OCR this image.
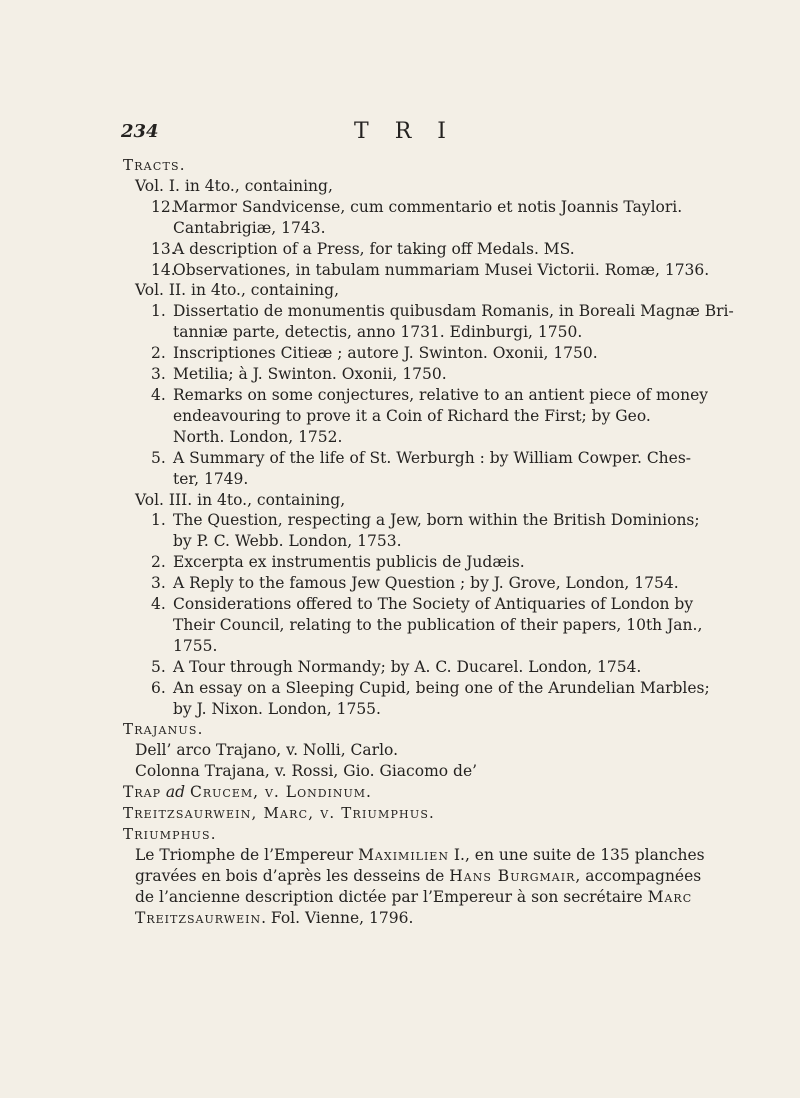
234	TRI
Tracts.
Vol. I. in 4to., containing,
12.Marmor Sandvicense, cum commentario et notis Joannis Taylori.
Cantabrigiæ, 1743.
13.A description of a Press, for taking off Medals. MS.
14.Observationes, in tabulam nummariam Musei Victorii. Romæ, 1736.
Vol. II. in 4to., containing,
1. Dissertatio de monumentis quibusdam Romanis, in Boreali Magnæ Bri-
tanniæ parte, detectis, anno 1731. Edinburgi, 1750.
2. Inscriptiones Citieæ ; autore J. Swinton. Oxonii, 1750.
3. Metilia; à J. Swinton. Oxonii, 1750.
4. Remarks on some conjectures, relative to an antient piece of money
endeavouring to prove it a Coin of Richard the First; by Geo.
North. London, 1752.
5. A Summary of the life of St. Werburgh : by William Cowper. Ches-
ter, 1749.
Vol. III. in 4to., containing,
1. The Question, respecting a Jew, born within the British Dominions;
by P. C. Webb. London, 1753.
2. Excerpta ex instrumentis publicis de Judæis.
3. A Reply to the famous Jew Question ; by J. Grove, London, 1754.
4. Considerations offered to The Society of Antiquaries of London by
Their Council, relating to the publication of their papers, 10th Jan.,
1755.
5. A Tour through Normandy; by A. C. Ducarel. London, 1754.
6. An essay on a Sleeping Cupid, being one of the Arundelian Marbles;
by J. Nixon. London, 1755.
Trajanus.
Dell’ arco Trajano, v. Nolli, Carlo.
Colonna Trajana, v. Rossi, Gio. Giacomo de’
Trap ad Crucem, v. Londinum.
Treitzsaurwein, Marc, v. Triumphus.
Triumphus.
Le Triomphe de l’Empereur Maximilien I., en une suite de 135 planches
gravées en bois d’après les desseins de Hans Burgmair, accompagnées
de l’ancienne description dictée par l’Empereur à son secrétaire Marc
Treitzsaurwein. Fol. Vienne, 1796.
